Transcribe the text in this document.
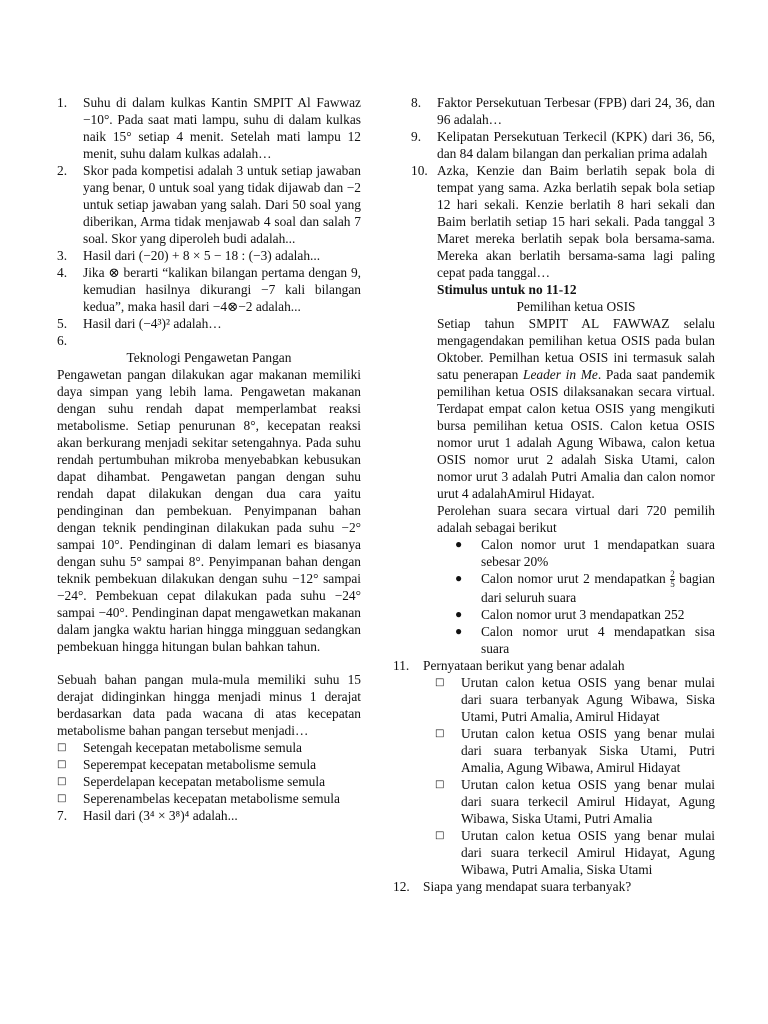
1.	Suhu di dalam kulkas Kantin SMPIT Al Fawwaz −10°. Pada saat mati lampu, suhu di dalam kulkas naik 15° setiap 4 menit. Setelah mati lampu 12 menit, suhu dalam kulkas adalah…
2.	Skor pada kompetisi adalah 3 untuk setiap jawaban yang benar, 0 untuk soal yang tidak dijawab dan −2 untuk setiap jawaban yang salah. Dari 50 soal yang diberikan, Arma tidak menjawab 4 soal dan salah 7 soal. Skor yang diperoleh budi adalah...
3.	Hasil dari (−20) + 8 × 5 − 18 : (−3) adalah...
4.	Jika ⊗ berarti “kalikan bilangan pertama dengan 9, kemudian hasilnya dikurangi −7 kali bilangan kedua”, maka hasil dari −4⊗−2 adalah...
5.	Hasil dari (−4³)² adalah…
6.
Teknologi Pengawetan Pangan
Pengawetan pangan dilakukan agar makanan memiliki daya simpan yang lebih lama. Pengawetan makanan dengan suhu rendah dapat memperlambat reaksi metabolisme. Setiap penurunan 8°, kecepatan reaksi akan berkurang menjadi sekitar setengahnya. Pada suhu rendah pertumbuhan mikroba menyebabkan kebusukan dapat dihambat. Pengawetan pangan dengan suhu rendah dapat dilakukan dengan dua cara yaitu pendinginan dan pembekuan. Penyimpanan bahan dengan teknik pendinginan dilakukan pada suhu −2° sampai 10°. Pendinginan di dalam lemari es biasanya dengan suhu 5° sampai 8°. Penyimpanan bahan dengan teknik pembekuan dilakukan dengan suhu −12° sampai −24°. Pembekuan cepat dilakukan pada suhu −24° sampai −40°. Pendinginan dapat mengawetkan makanan dalam jangka waktu harian hingga mingguan sedangkan pembekuan hingga hitungan bulan bahkan tahun.
Sebuah bahan pangan mula-mula memiliki suhu 15 derajat didinginkan hingga menjadi minus 1 derajat berdasarkan data pada wacana di atas kecepatan metabolisme bahan pangan tersebut menjadi…
□	Setengah kecepatan metabolisme semula
□	Seperempat kecepatan metabolisme semula
□	Seperdelapan kecepatan metabolisme semula
□	Seperenambelas kecepatan metabolisme semula
7.	Hasil dari (3⁴ × 3⁸)⁴ adalah...
8.	Faktor Persekutuan Terbesar (FPB) dari 24, 36, dan 96 adalah…
9.	Kelipatan Persekutuan Terkecil (KPK) dari 36, 56, dan 84 dalam bilangan dan perkalian prima adalah
10. Azka, Kenzie dan Baim berlatih sepak bola di tempat yang sama. Azka berlatih sepak bola setiap 12 hari sekali. Kenzie berlatih 8 hari sekali dan Baim berlatih setiap 15 hari sekali. Pada tanggal 3 Maret mereka berlatih sepak bola bersama-sama. Mereka akan berlatih bersama-sama lagi paling cepat pada tanggal…
Stimulus untuk no 11-12
Pemilihan ketua OSIS
Setiap tahun SMPIT AL FAWWAZ selalu mengagendakan pemilihan ketua OSIS pada bulan Oktober. Pemilhan ketua OSIS ini termasuk salah satu penerapan Leader in Me. Pada saat pandemik pemilihan ketua OSIS dilaksanakan secara virtual. Terdapat empat calon ketua OSIS yang mengikuti bursa pemilihan ketua OSIS. Calon ketua OSIS nomor urut 1 adalah Agung Wibawa, calon ketua OSIS nomor urut 2 adalah Siska Utami, calon nomor urut 3 adalah Putri Amalia dan calon nomor urut 4 adalahAmirul Hidayat.
Perolehan suara secara virtual dari 720 pemilih adalah sebagai berikut
●	Calon nomor urut 1 mendapatkan suara sebesar 20%
●	Calon nomor urut 2 mendapatkan $\frac{2}{5}$ bagian dari seluruh suara
●	Calon nomor urut 3 mendapatkan 252
●	Calon nomor urut 4 mendapatkan sisa suara
11.	Pernyataan berikut yang benar adalah
□	Urutan calon ketua OSIS yang benar mulai dari suara terbanyak Agung Wibawa, Siska Utami, Putri Amalia, Amirul Hidayat
□	Urutan calon ketua OSIS yang benar mulai dari suara terbanyak Siska Utami, Putri Amalia, Agung Wibawa, Amirul Hidayat
□	Urutan calon ketua OSIS yang benar mulai dari suara terkecil Amirul Hidayat, Agung Wibawa, Siska Utami, Putri Amalia
□	Urutan calon ketua OSIS yang benar mulai dari suara terkecil Amirul Hidayat, Agung Wibawa, Putri Amalia, Siska Utami
12. Siapa yang mendapat suara terbanyak?
